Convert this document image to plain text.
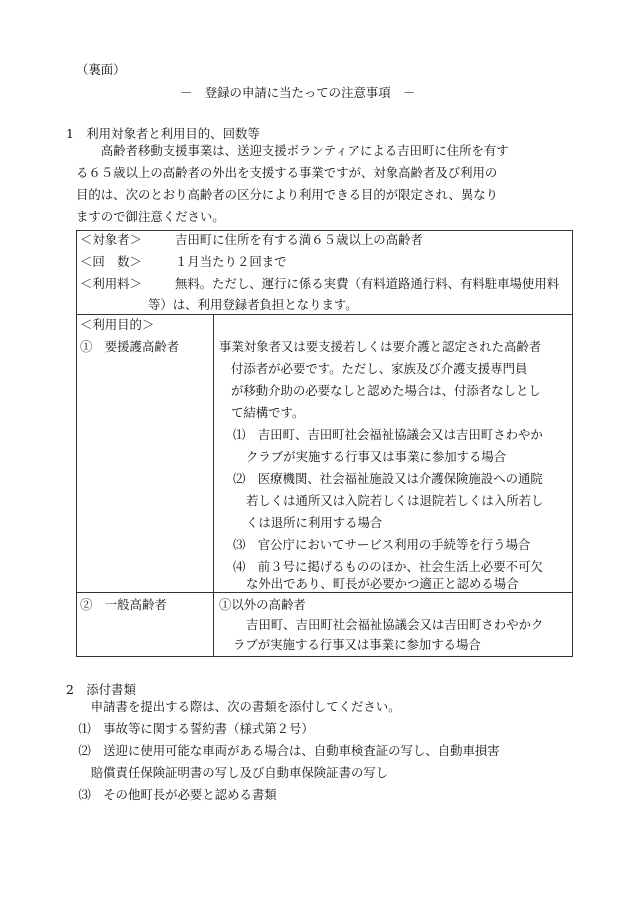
（裏面）
－　登録の申請に当たっての注意事項　－
1　利用対象者と利用目的、回数等
　　高齢者移動支援事業は、送迎支援ボランティアによる吉田町に住所を有す
る６５歳以上の高齢者の外出を支援する事業ですが、対象高齢者及び利用の
目的は、次のとおり高齢者の区分により利用できる目的が限定され、異なり
ますので御注意ください。
＜対象者＞	吉田町に住所を有する満６５歳以上の高齢者
＜回　数＞	１月当たり２回まで
＜利用料＞	無料。ただし、運行に係る実費（有料道路通行料、有料駐車場使用料
等）は、利用登録者負担となります。
＜利用目的＞
①　要援護高齢者	事業対象者又は要支援若しくは要介護と認定された高齢者
付添者が必要です。ただし、家族及び介護支援専門員
が移動介助の必要なしと認めた場合は、付添者なしとし
て結構です。
⑴　吉田町、吉田町社会福祉協議会又は吉田町さわやか
クラブが実施する行事又は事業に参加する場合
⑵　医療機関、社会福祉施設又は介護保険施設への通院
若しくは通所又は入院若しくは退院若しくは入所若し
くは退所に利用する場合
⑶　官公庁においてサービス利用の手続等を行う場合
⑷　前３号に掲げるもののほか、社会生活上必要不可欠
な外出であり、町長が必要かつ適正と認める場合
②　一般高齢者	①以外の高齢者
吉田町、吉田町社会福祉協議会又は吉田町さわやかク
ラブが実施する行事又は事業に参加する場合
2　添付書類
　　申請書を提出する際は、次の書類を添付してください。
　⑴　事故等に関する誓約書（様式第２号）
　⑵　送迎に使用可能な車両がある場合は、自動車検査証の写し、自動車損害
　　賠償責任保険証明書の写し及び自動車保険証書の写し
　⑶　その他町長が必要と認める書類
